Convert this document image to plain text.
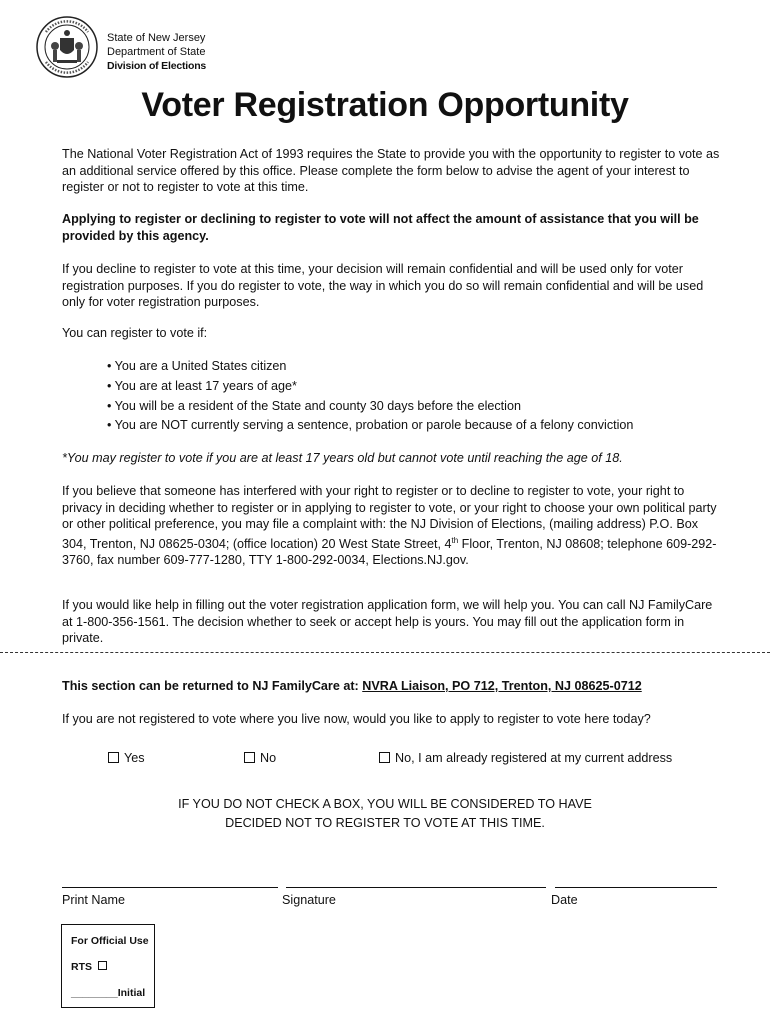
State of New Jersey
Department of State
Division of Elections
Voter Registration Opportunity

The National Voter Registration Act of 1993 requires the State to provide you with the opportunity to register to vote as an additional service offered by this office. Please complete the form below to advise the agent of your interest to register or not to register to vote at this time.

Applying to register or declining to register to vote will not affect the amount of assistance that you will be provided by this agency.

If you decline to register to vote at this time, your decision will remain confidential and will be used only for voter registration purposes. If you do register to vote, the way in which you do so will remain confidential and will be used only for voter registration purposes.

You can register to vote if:

• You are a United States citizen
• You are at least 17 years of age*
• You will be a resident of the State and county 30 days before the election
• You are NOT currently serving a sentence, probation or parole because of a felony conviction

*You may register to vote if you are at least 17 years old but cannot vote until reaching the age of 18.

If you believe that someone has interfered with your right to register or to decline to register to vote, your right to privacy in deciding whether to register or in applying to register to vote, or your right to choose your own political party or other political preference, you may file a complaint with: the NJ Division of Elections, (mailing address) P.O. Box 304, Trenton, NJ 08625-0304; (office location) 20 West State Street, 4th Floor, Trenton, NJ 08608; telephone 609-292-3760, fax number 609-777-1280, TTY 1-800-292-0034, Elections.NJ.gov.

If you would like help in filling out the voter registration application form, we will help you. You can call NJ FamilyCare at 1-800-356-1561. The decision whether to seek or accept help is yours. You may fill out the application form in private.

This section can be returned to NJ FamilyCare at: NVRA Liaison, PO 712, Trenton, NJ 08625-0712

If you are not registered to vote where you live now, would you like to apply to register to vote here today?

Yes	No	No, I am already registered at my current address
IF YOU DO NOT CHECK A BOX, YOU WILL BE CONSIDERED TO HAVE
DECIDED NOT TO REGISTER TO VOTE AT THIS TIME.
Print Name	Signature	Date
For Official Use
RTS
________Initial
